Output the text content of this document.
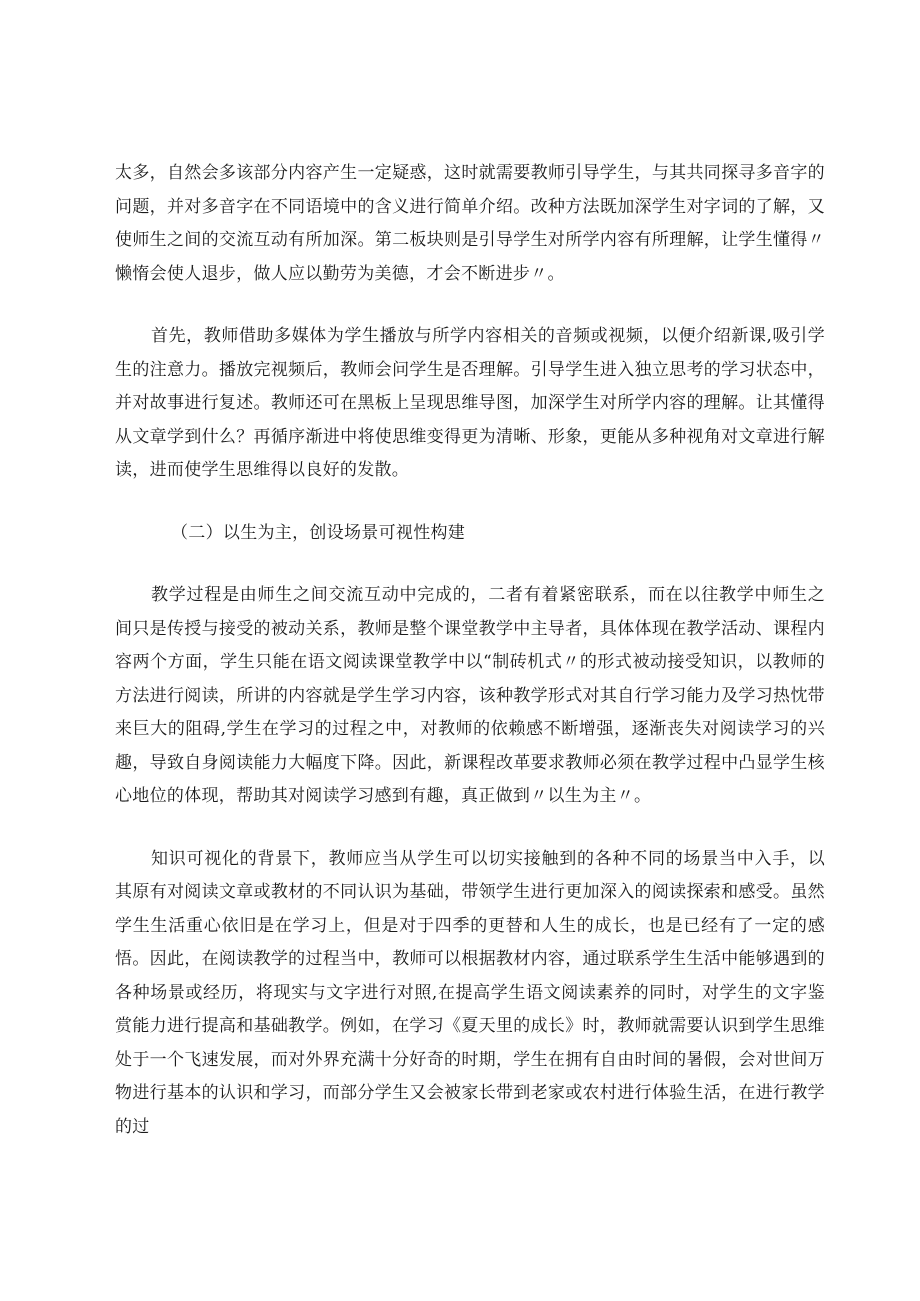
太多，自然会多该部分内容产生一定疑惑，这时就需要教师引导学生，与其共同探寻多音字的问题，并对多音字在不同语境中的含义进行简单介绍。改种方法既加深学生对字词的了解，又使师生之间的交流互动有所加深。第二板块则是引导学生对所学内容有所理解，让学生懂得〃懒惰会使人退步，做人应以勤劳为美德，才会不断进步〃。

首先，教师借助多媒体为学生播放与所学内容相关的音频或视频，以便介绍新课,吸引学生的注意力。播放完视频后，教师会问学生是否理解。引导学生进入独立思考的学习状态中，并对故事进行复述。教师还可在黑板上呈现思维导图，加深学生对所学内容的理解。让其懂得从文章学到什么？再循序渐进中将使思维变得更为清晰、形象，更能从多种视角对文章进行解读，进而使学生思维得以良好的发散。

（二）以生为主，创设场景可视性构建

教学过程是由师生之间交流互动中完成的，二者有着紧密联系，而在以往教学中师生之间只是传授与接受的被动关系，教师是整个课堂教学中主导者，具体体现在教学活动、课程内容两个方面，学生只能在语文阅读课堂教学中以“制砖机式〃的形式被动接受知识，以教师的方法进行阅读，所讲的内容就是学生学习内容，该种教学形式对其自行学习能力及学习热忱带来巨大的阻碍,学生在学习的过程之中，对教师的依赖感不断增强，逐渐丧失对阅读学习的兴趣，导致自身阅读能力大幅度下降。因此，新课程改革要求教师必须在教学过程中凸显学生核心地位的体现，帮助其对阅读学习感到有趣，真正做到〃以生为主〃。

知识可视化的背景下，教师应当从学生可以切实接触到的各种不同的场景当中入手，以其原有对阅读文章或教材的不同认识为基础，带领学生进行更加深入的阅读探索和感受。虽然学生生活重心依旧是在学习上，但是对于四季的更替和人生的成长，也是已经有了一定的感悟。因此，在阅读教学的过程当中，教师可以根据教材内容，通过联系学生生活中能够遇到的各种场景或经历，将现实与文字进行对照,在提高学生语文阅读素养的同时，对学生的文字鉴赏能力进行提高和基础教学。例如，在学习《夏天里的成长》时，教师就需要认识到学生思维处于一个飞速发展，而对外界充满十分好奇的时期，学生在拥有自由时间的暑假，会对世间万物进行基本的认识和学习，而部分学生又会被家长带到老家或农村进行体验生活，在进行教学的过
